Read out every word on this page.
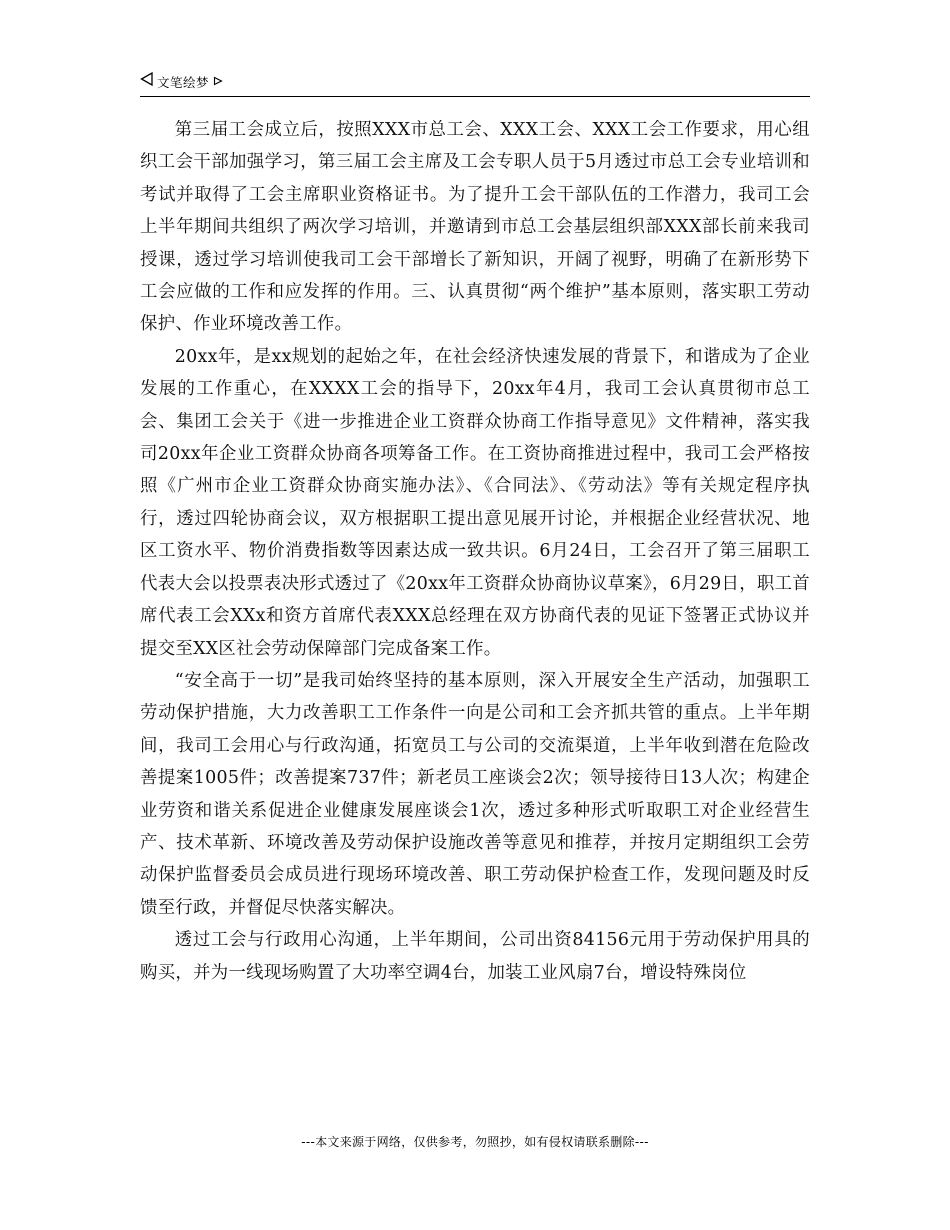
文笔绘梦

第三届工会成立后，按照XXX市总工会、XXX工会、XXX工会工作要求，用心组织工会干部加强学习，第三届工会主席及工会专职人员于5月透过市总工会专业培训和考试并取得了工会主席职业资格证书。为了提升工会干部队伍的工作潜力，我司工会上半年期间共组织了两次学习培训，并邀请到市总工会基层组织部XXX部长前来我司授课，透过学习培训使我司工会干部增长了新知识，开阔了视野，明确了在新形势下工会应做的工作和应发挥的作用。三、认真贯彻“两个维护”基本原则，落实职工劳动保护、作业环境改善工作。

20xx年，是xx规划的起始之年，在社会经济快速发展的背景下，和谐成为了企业发展的工作重心，在XXXX工会的指导下，20xx年4月，我司工会认真贯彻市总工会、集团工会关于《进一步推进企业工资群众协商工作指导意见》文件精神，落实我司20xx年企业工资群众协商各项筹备工作。在工资协商推进过程中，我司工会严格按照《广州市企业工资群众协商实施办法》、《合同法》、《劳动法》等有关规定程序执行，透过四轮协商会议，双方根据职工提出意见展开讨论，并根据企业经营状况、地区工资水平、物价消费指数等因素达成一致共识。6月24日，工会召开了第三届职工代表大会以投票表决形式透过了《20xx年工资群众协商协议草案》，6月29日，职工首席代表工会XXx和资方首席代表XXX总经理在双方协商代表的见证下签署正式协议并提交至XX区社会劳动保障部门完成备案工作。

“安全高于一切”是我司始终坚持的基本原则，深入开展安全生产活动，加强职工劳动保护措施，大力改善职工工作条件一向是公司和工会齐抓共管的重点。上半年期间，我司工会用心与行政沟通，拓宽员工与公司的交流渠道，上半年收到潜在危险改善提案1005件；改善提案737件；新老员工座谈会2次；领导接待日13人次；构建企业劳资和谐关系促进企业健康发展座谈会1次，透过多种形式听取职工对企业经营生产、技术革新、环境改善及劳动保护设施改善等意见和推荐，并按月定期组织工会劳动保护监督委员会成员进行现场环境改善、职工劳动保护检查工作，发现问题及时反馈至行政，并督促尽快落实解决。

透过工会与行政用心沟通，上半年期间，公司出资84156元用于劳动保护用具的购买，并为一线现场购置了大功率空调4台，加装工业风扇7台，增设特殊岗位

---本文来源于网络，仅供参考，勿照抄，如有侵权请联系删除---
